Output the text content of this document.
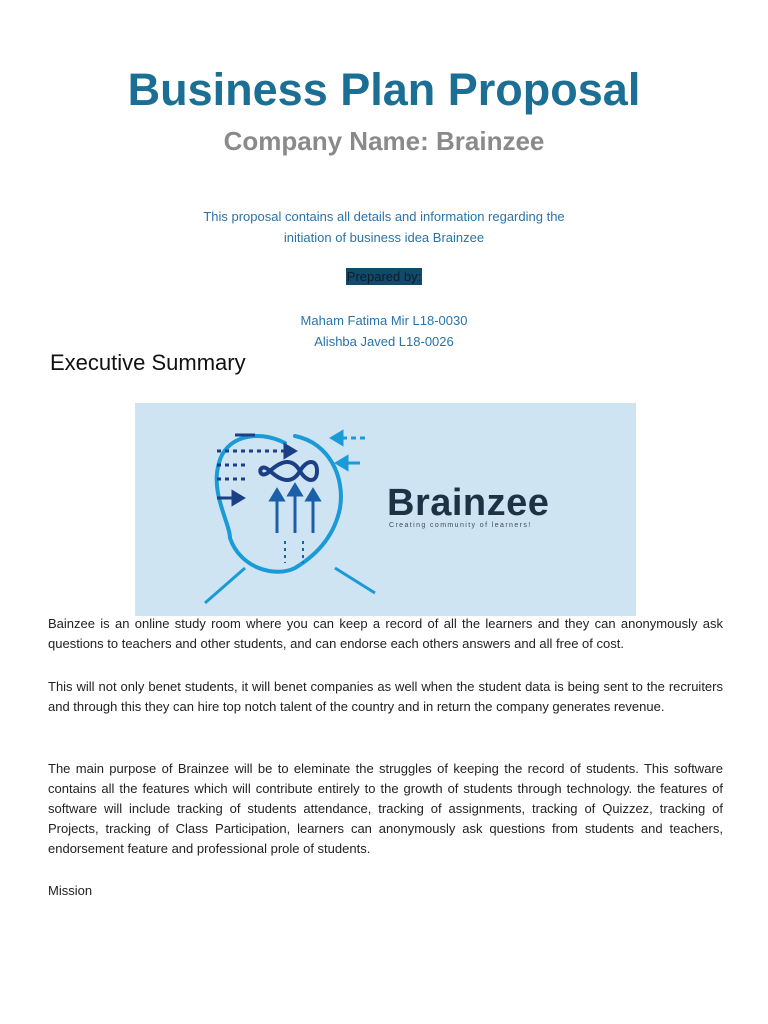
Business Plan Proposal
Company Name: Brainzee
This proposal contains all details and information regarding the
initiation of business idea Brainzee
Prepared by:
Maham Fatima Mir L18-0030
Alishba Javed L18-0026
Executive Summary
Brainzee
Creating community of learners!
Bainzee is an online study room where you can keep a record of all the learners and they can anonymously ask questions to teachers and other students, and can endorse each others answers and all free of cost.
This will not only benet students, it will benet companies as well when the student data is being sent to the recruiters and through this they can hire top notch talent of the country and in return the company generates revenue.
The main purpose of Brainzee will be to eleminate the struggles of keeping the record of students. This software contains all the features which will contribute entirely to the growth of students through technology. the features of software will include tracking of students attendance, tracking of assignments, tracking of Quizzez, tracking of Projects, tracking of Class Participation, learners can anonymously ask questions from students and teachers, endorsement feature and professional prole of students.
Mission
